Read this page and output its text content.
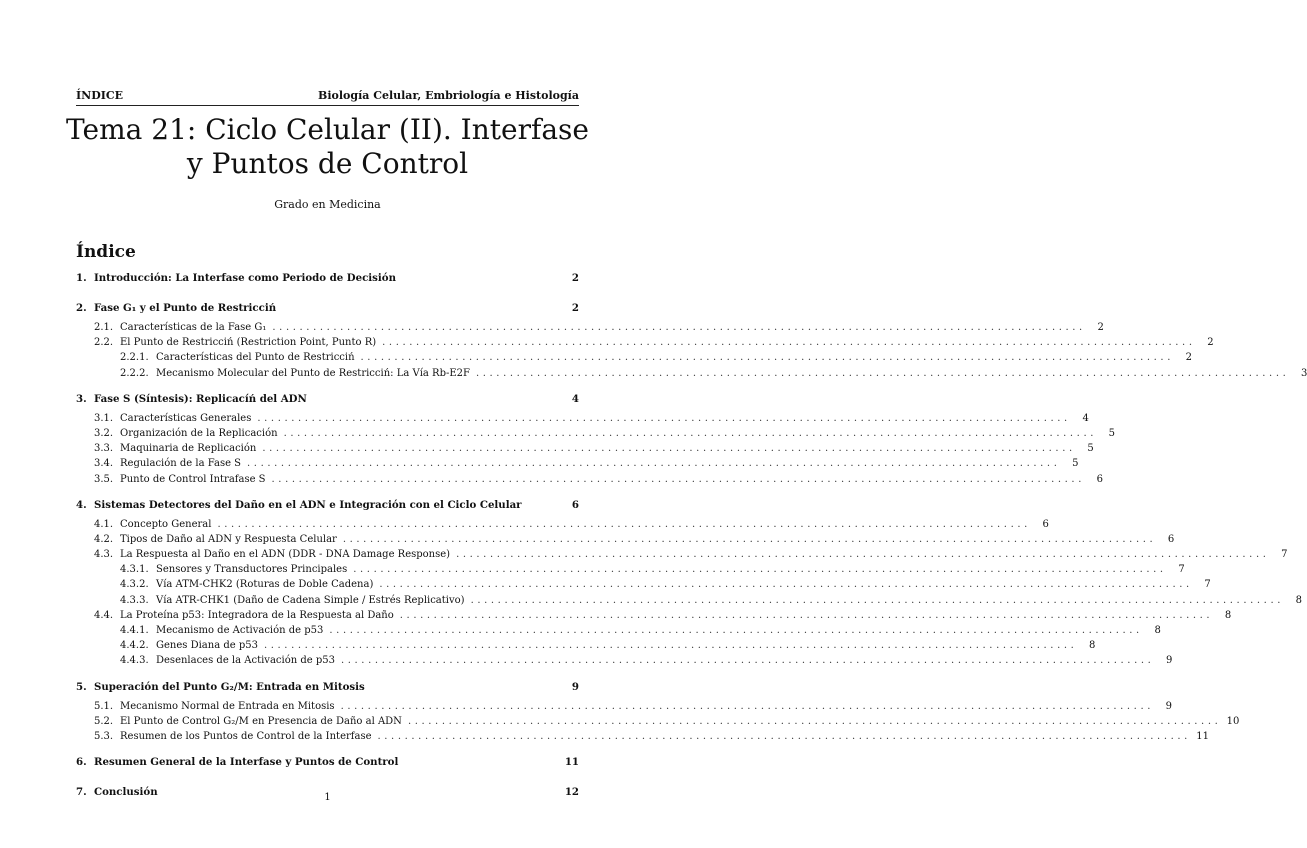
ÍNDICE	Biología Celular, Embriología e Histología
Tema 21: Ciclo Celular (II). Interfase
y Puntos de Control
Grado en Medicina
Índice
1. Introducción: La Interfase como Periodo de Decisión	2
2. Fase G₁ y el Punto de Restricciń	2
2.1. Características de la Fase G₁ ........................................................................................................................	2
2.2. El Punto de Restricciń (Restriction Point, Punto R) ........................................................................................................................	2
2.2.1. Características del Punto de Restricciń ........................................................................................................................	2
2.2.2. Mecanismo Molecular del Punto de Restricciń: La Vía Rb-E2F ........................................................................................................................	3
3. Fase S (Síntesis): Replicacíń del ADN	4
3.1. Características Generales ........................................................................................................................	4
3.2. Organización de la Replicación ........................................................................................................................	5
3.3. Maquinaria de Replicación ........................................................................................................................	5
3.4. Regulación de la Fase S ........................................................................................................................	5
3.5. Punto de Control Intrafase S ........................................................................................................................	6
4. Sistemas Detectores del Daño en el ADN e Integración con el Ciclo Celular	6
4.1. Concepto General ........................................................................................................................	6
4.2. Tipos de Daño al ADN y Respuesta Celular ........................................................................................................................	6
4.3. La Respuesta al Daño en el ADN (DDR - DNA Damage Response) ........................................................................................................................	7
4.3.1. Sensores y Transductores Principales ........................................................................................................................	7
4.3.2. Vía ATM-CHK2 (Roturas de Doble Cadena) ........................................................................................................................	7
4.3.3. Vía ATR-CHK1 (Daño de Cadena Simple / Estrés Replicativo) ........................................................................................................................	8
4.4. La Proteína p53: Integradora de la Respuesta al Daño ........................................................................................................................	8
4.4.1. Mecanismo de Activación de p53 ........................................................................................................................	8
4.4.2. Genes Diana de p53 ........................................................................................................................	8
4.4.3. Desenlaces de la Activación de p53 ........................................................................................................................	9
5. Superación del Punto G₂/M: Entrada en Mitosis	9
5.1. Mecanismo Normal de Entrada en Mitosis ........................................................................................................................	9
5.2. El Punto de Control G₂/M en Presencia de Daño al ADN ........................................................................................................................ 10
5.3. Resumen de los Puntos de Control de la Interfase ........................................................................................................................ 11
6. Resumen General de la Interfase y Puntos de Control	11
7. Conclusión	12
1
